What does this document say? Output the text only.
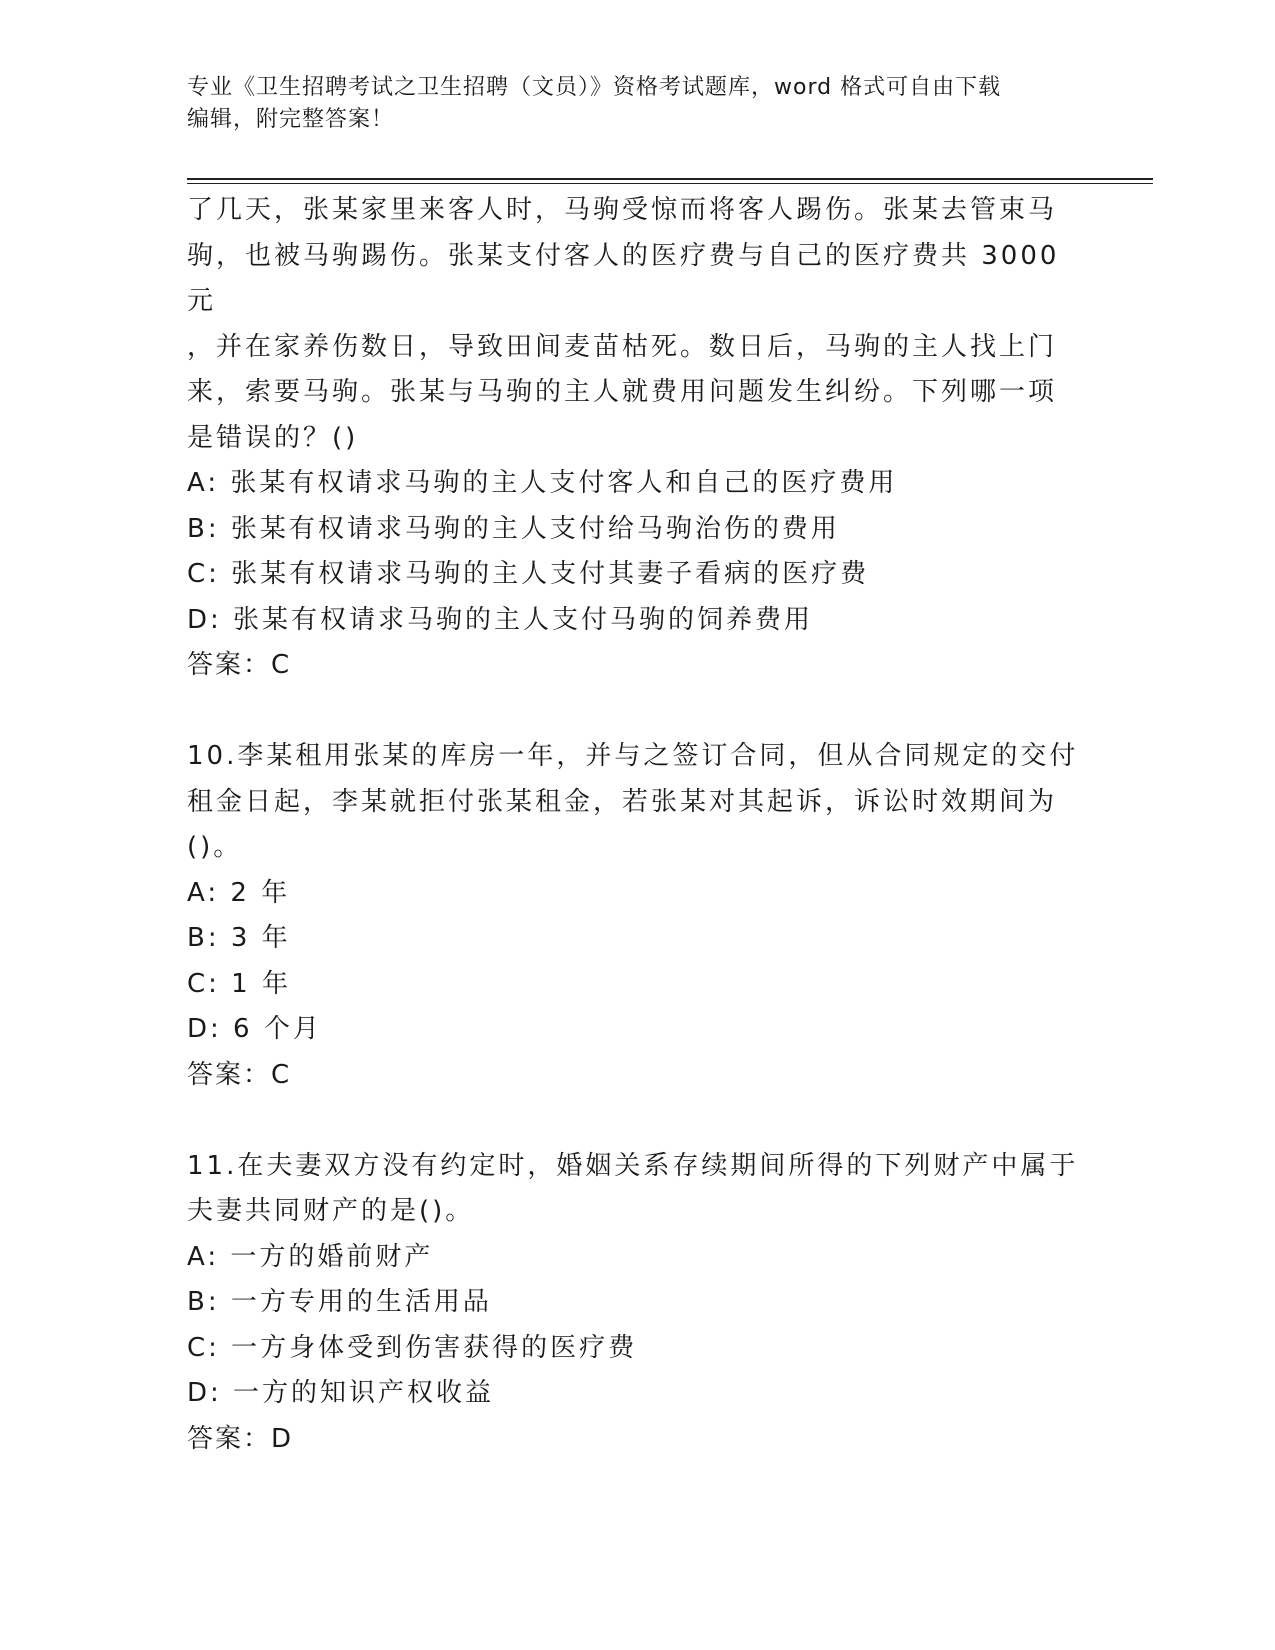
专业《卫生招聘考试之卫生招聘（文员）》资格考试题库，word 格式可自由下载
编辑，附完整答案！

了几天，张某家里来客人时，马驹受惊而将客人踢伤。张某去管束马

驹，也被马驹踢伤。张某支付客人的医疗费与自己的医疗费共 3000 元

，并在家养伤数日，导致田间麦苗枯死。数日后，马驹的主人找上门

来，索要马驹。张某与马驹的主人就费用问题发生纠纷。下列哪一项

是错误的？()

A: 张某有权请求马驹的主人支付客人和自己的医疗费用

B: 张某有权请求马驹的主人支付给马驹治伤的费用

C: 张某有权请求马驹的主人支付其妻子看病的医疗费

D: 张某有权请求马驹的主人支付马驹的饲养费用

答案：C

10.李某租用张某的库房一年，并与之签订合同，但从合同规定的交付

租金日起，李某就拒付张某租金，若张某对其起诉，诉讼时效期间为

()。

A: 2 年

B: 3 年

C: 1 年

D: 6 个月

答案：C

11.在夫妻双方没有约定时，婚姻关系存续期间所得的下列财产中属于

夫妻共同财产的是()。

A: 一方的婚前财产

B: 一方专用的生活用品

C: 一方身体受到伤害获得的医疗费

D: 一方的知识产权收益

答案：D
